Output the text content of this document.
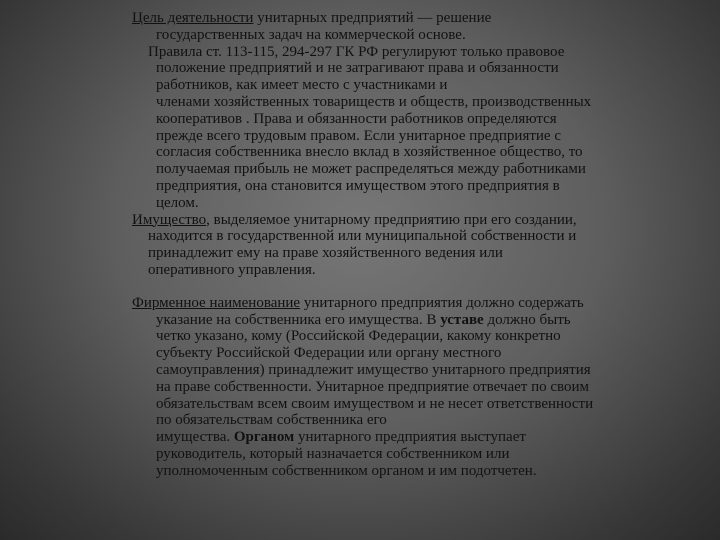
Цель деятельности унитарных предприятий — решение
государственных задач на коммерческой основе.
Правила ст. 113-115, 294-297 ГК РФ регулируют только правовое
положение предприятий и не затрагивают права и обязанности
работников, как имеет место с участниками и
членами хозяйственных товариществ и обществ, производственных
кооперативов . Права и обязанности работников определяются
прежде всего трудовым правом. Если унитарное предприятие с
согласия собственника внесло вклад в хозяйственное общество, то
получаемая прибыль не может распределяться между работниками
предприятия, она становится имуществом этого предприятия в
целом.
Имущество, выделяемое унитарному предприятию при его создании,
находится в государственной или муниципальной собственности и
принадлежит ему на праве хозяйственного ведения или
оперативного управления.
Фирменное наименование унитарного предприятия должно содержать
указание на собственника его имущества. В уставе должно быть
четко указано, кому (Российской Федерации, какому конкретно
субъекту Российской Федерации или органу местного
самоуправления) принадлежит имущество унитарного предприятия
на праве собственности. Унитарное предприятие отвечает по своим
обязательствам всем своим имуществом и не несет ответственности
по обязательствам собственника его
имущества. Органом унитарного предприятия выступает
руководитель, который назначается собственником или
уполномоченным собственником органом и им подотчетен.
